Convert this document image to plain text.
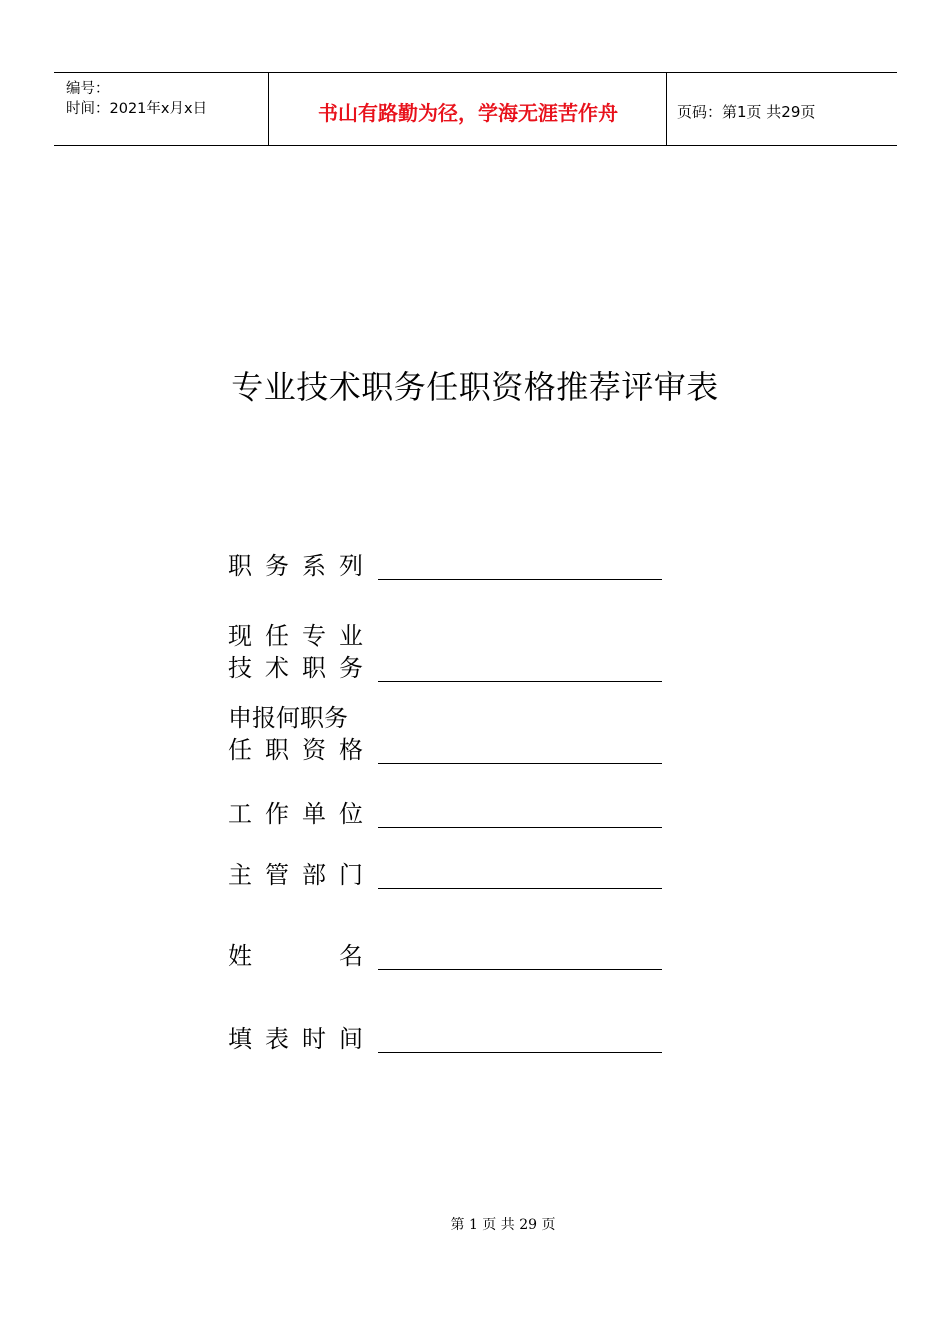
编号：
时间：2021年x月x日	书山有路勤为径，学海无涯苦作舟	页码：第1页 共29页
专业技术职务任职资格推荐评审表
职务系列
现任专业
技术职务
申报何职务
任职资格
工作单位
主管部门
姓　　名
填表时间
第 1 页 共 29 页
